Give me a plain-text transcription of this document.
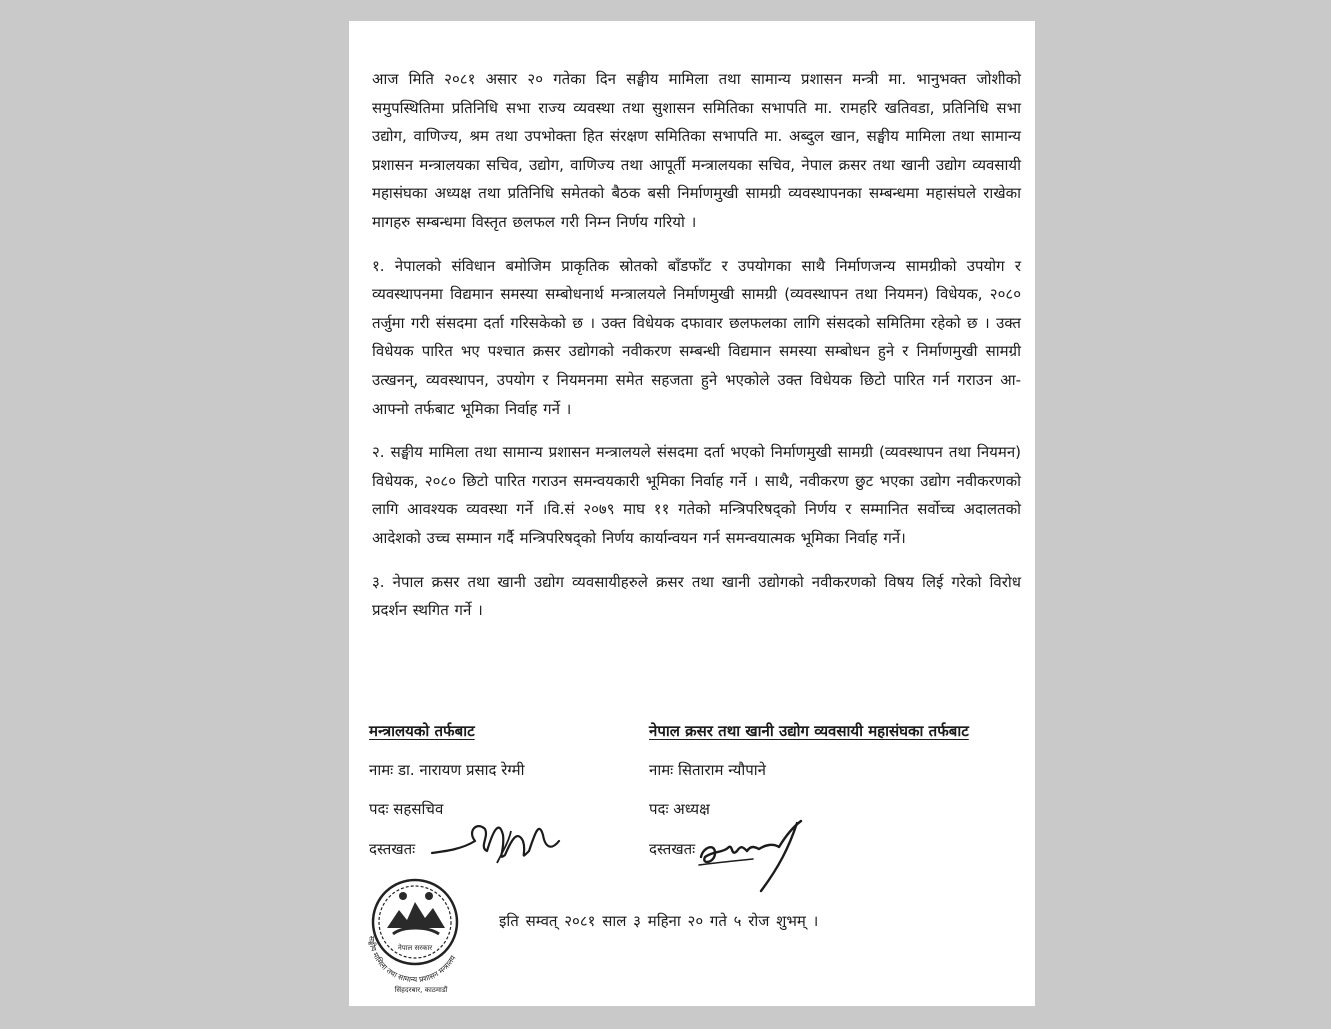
आज मिति २०८१ असार २० गतेका दिन सङ्घीय मामिला तथा सामान्य प्रशासन मन्त्री मा. भानुभक्त जोशीको समुपस्थितिमा प्रतिनिधि सभा राज्य व्यवस्था तथा सुशासन समितिका सभापति मा. रामहरि खतिवडा, प्रतिनिधि सभा उद्योग, वाणिज्य, श्रम तथा उपभोक्ता हित संरक्षण समितिका सभापति मा. अब्दुल खान, सङ्घीय मामिला तथा सामान्य प्रशासन मन्त्रालयका सचिव, उद्योग, वाणिज्य तथा आपूर्ती मन्त्रालयका सचिव, नेपाल क्रसर तथा खानी उद्योग व्यवसायी महासंघका अध्यक्ष तथा प्रतिनिधि समेतको बैठक बसी निर्माणमुखी सामग्री व्यवस्थापनका सम्बन्धमा महासंघले राखेका मागहरु सम्बन्धमा विस्तृत छलफल गरी निम्न निर्णय गरियो ।

१. नेपालको संविधान बमोजिम प्राकृतिक स्रोतको बाँडफाँट र उपयोगका साथै निर्माणजन्य सामग्रीको उपयोग र व्यवस्थापनमा विद्यमान समस्या सम्बोधनार्थ मन्त्रालयले निर्माणमुखी सामग्री (व्यवस्थापन तथा नियमन) विधेयक, २०८० तर्जुमा गरी संसदमा दर्ता गरिसकेको छ । उक्त विधेयक दफावार छलफलका लागि संसदको समितिमा रहेको छ । उक्त विधेयक पारित भए पश्चात क्रसर उद्योगको नवीकरण सम्बन्धी विद्यमान समस्या सम्बोधन हुने र निर्माणमुखी सामग्री उत्खनन्, व्यवस्थापन, उपयोग र नियमनमा समेत सहजता हुने भएकोले उक्त विधेयक छिटो पारित गर्न गराउन आ-आफ्नो तर्फबाट भूमिका निर्वाह गर्ने ।

२. सङ्घीय मामिला तथा सामान्य प्रशासन मन्त्रालयले संसदमा दर्ता भएको निर्माणमुखी सामग्री (व्यवस्थापन तथा नियमन) विधेयक, २०८० छिटो पारित गराउन समन्वयकारी भूमिका निर्वाह गर्ने । साथै, नवीकरण छुट भएका उद्योग नवीकरणको लागि आवश्यक व्यवस्था गर्ने ।वि.सं २०७९ माघ ११ गतेको मन्त्रिपरिषद्को निर्णय र सम्मानित सर्वोच्च अदालतको आदेशको उच्च सम्मान गर्दै मन्त्रिपरिषद्को निर्णय कार्यान्वयन गर्न समन्वयात्मक भूमिका निर्वाह गर्ने।

३. नेपाल क्रसर तथा खानी उद्योग व्यवसायीहरुले क्रसर तथा खानी उद्योगको नवीकरणको विषय लिई गरेको विरोध प्रदर्शन स्थगित गर्ने ।

मन्त्रालयको तर्फबाट
नामः डा. नारायण प्रसाद रेग्मी
पदः सहसचिव
दस्तखतः
नेपाल क्रसर तथा खानी उद्योग व्यवसायी महासंघका तर्फबाट
नामः सिताराम न्यौपाने
पदः अध्यक्ष
दस्तखतः
नेपाल सरकार
सङ्घीय मामिला तथा सामान्य प्रशासन मन्त्रालय
सिंहदरबार, काठमाडौं
इति सम्वत् २०८१ साल ३ महिना २० गते ५ रोज शुभम् ।
